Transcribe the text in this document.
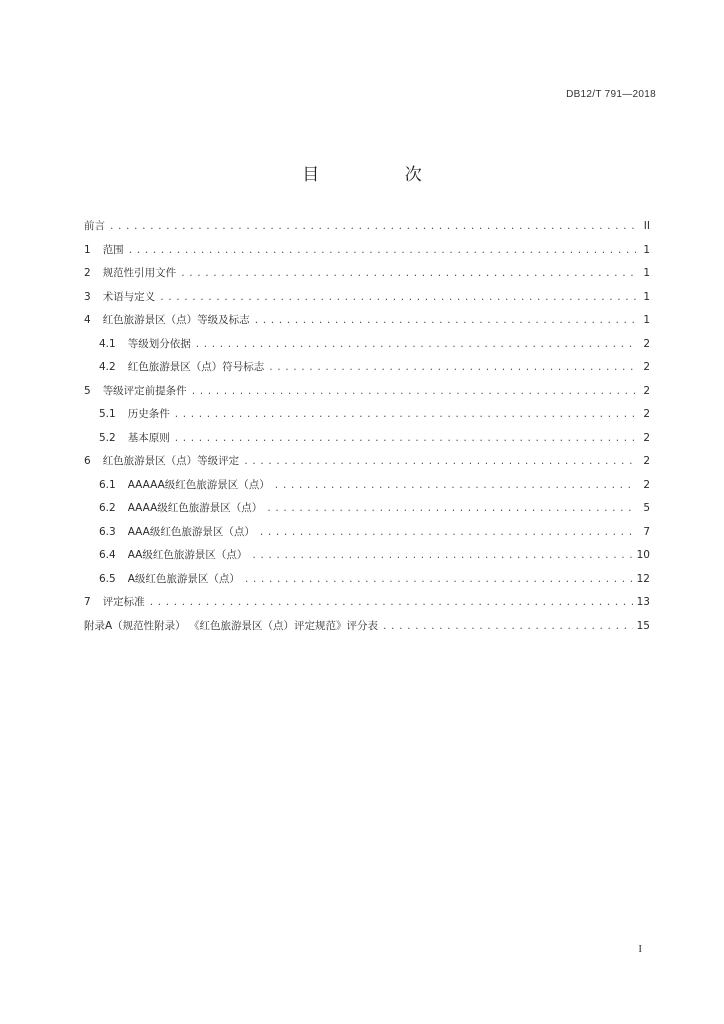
DB12/T 791—2018
目 次
前言 .....	II
1 范围 .....	1
2 规范性引用文件 .....	1
3 术语与定义 .....	1
4 红色旅游景区（点）等级及标志 .....	1
4.1 等级划分依据 .....	2
4.2 红色旅游景区（点）符号标志 .....	2
5 等级评定前提条件 .....	2
5.1 历史条件 .....	2
5.2 基本原则 .....	2
6 红色旅游景区（点）等级评定 .....	2
6.1 AAAAA级红色旅游景区（点） .....	2
6.2 AAAA级红色旅游景区（点） .....	5
6.3 AAA级红色旅游景区（点） .....	7
6.4 AA级红色旅游景区（点） .....	10
6.5 A级红色旅游景区（点） .....	12
7 评定标准 .....	13
附录A（规范性附录） 《红色旅游景区（点）评定规范》评分表 .....	15
I
